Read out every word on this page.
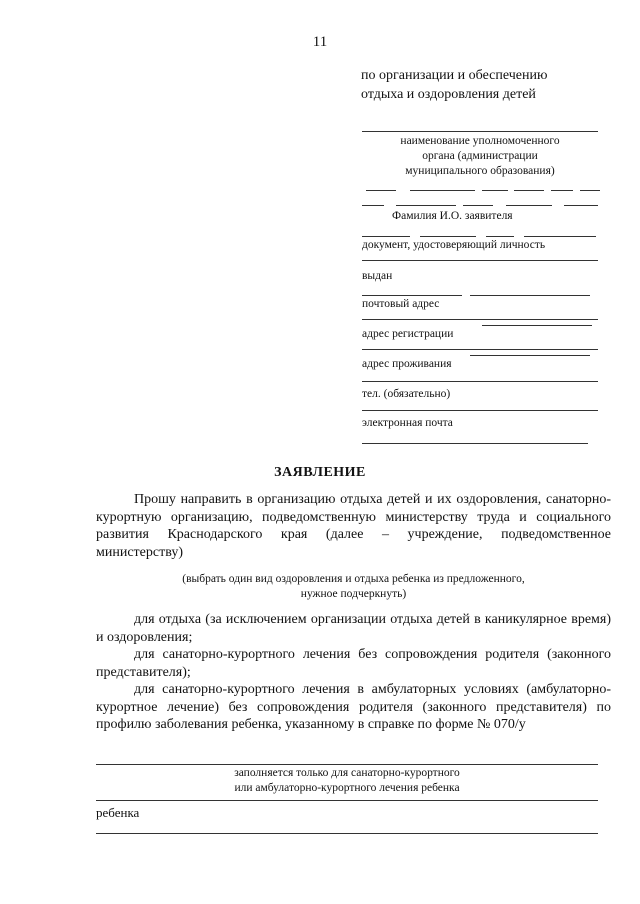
11
по организации и обеспечению
отдыха и оздоровления детей
наименование уполномоченного
органа (администрации
муниципального образования)
Фамилия И.О. заявителя
документ, удостоверяющий личность
выдан
почтовый адрес
адрес регистрации
адрес проживания
тел. (обязательно)
электронная почта
ЗАЯВЛЕНИЕ
Прошу направить в организацию отдыха детей и их оздоровления, санаторно-курортную организацию, подведомственную министерству труда и социального развития Краснодарского края (далее – учреждение, подведомственное министерству)
(выбрать один вид оздоровления и отдыха ребенка из предложенного,
нужное подчеркнуть)
для отдыха (за исключением организации отдыха детей в каникулярное время) и оздоровления;
для санаторно-курортного лечения без сопровождения родителя (законного представителя);
для санаторно-курортного лечения в амбулаторных условиях (амбулаторно-курортное лечение) без сопровождения родителя (законного представителя) по профилю заболевания ребенка, указанному в справке по форме № 070/у
заполняется только для санаторно-курортного
или амбулаторно-курортного лечения ребенка
ребенка
